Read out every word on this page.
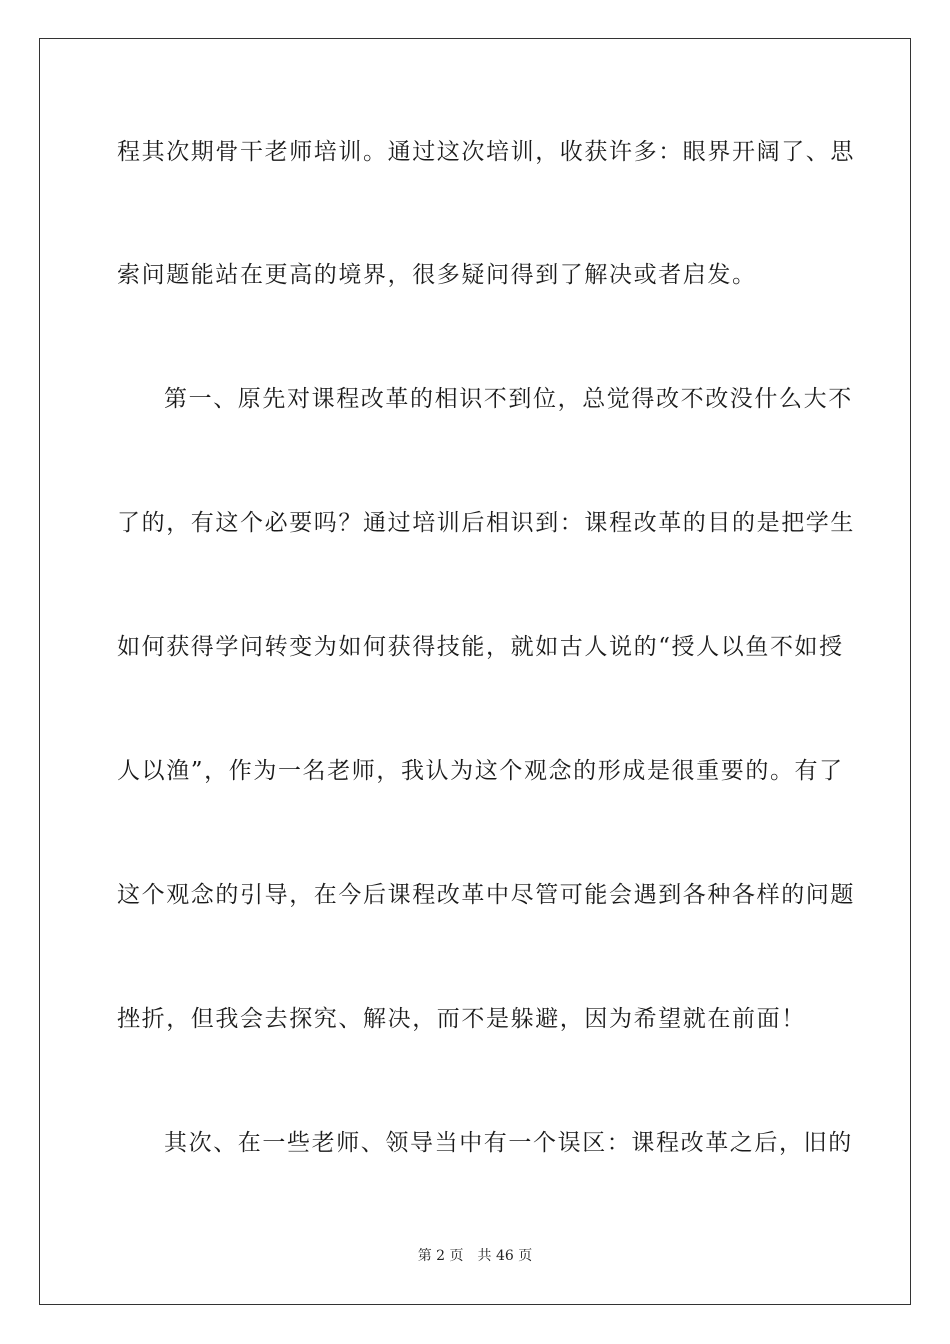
程其次期骨干老师培训。通过这次培训，收获许多：眼界开阔了、思
索问题能站在更高的境界，很多疑问得到了解决或者启发。
第一、原先对课程改革的相识不到位，总觉得改不改没什么大不
了的，有这个必要吗？通过培训后相识到：课程改革的目的是把学生
如何获得学问转变为如何获得技能，就如古人说的“授人以鱼不如授
人以渔”，作为一名老师，我认为这个观念的形成是很重要的。有了
这个观念的引导，在今后课程改革中尽管可能会遇到各种各样的问题
挫折，但我会去探究、解决，而不是躲避，因为希望就在前面！
其次、在一些老师、领导当中有一个误区：课程改革之后，旧的
第 2 页 共 46 页
